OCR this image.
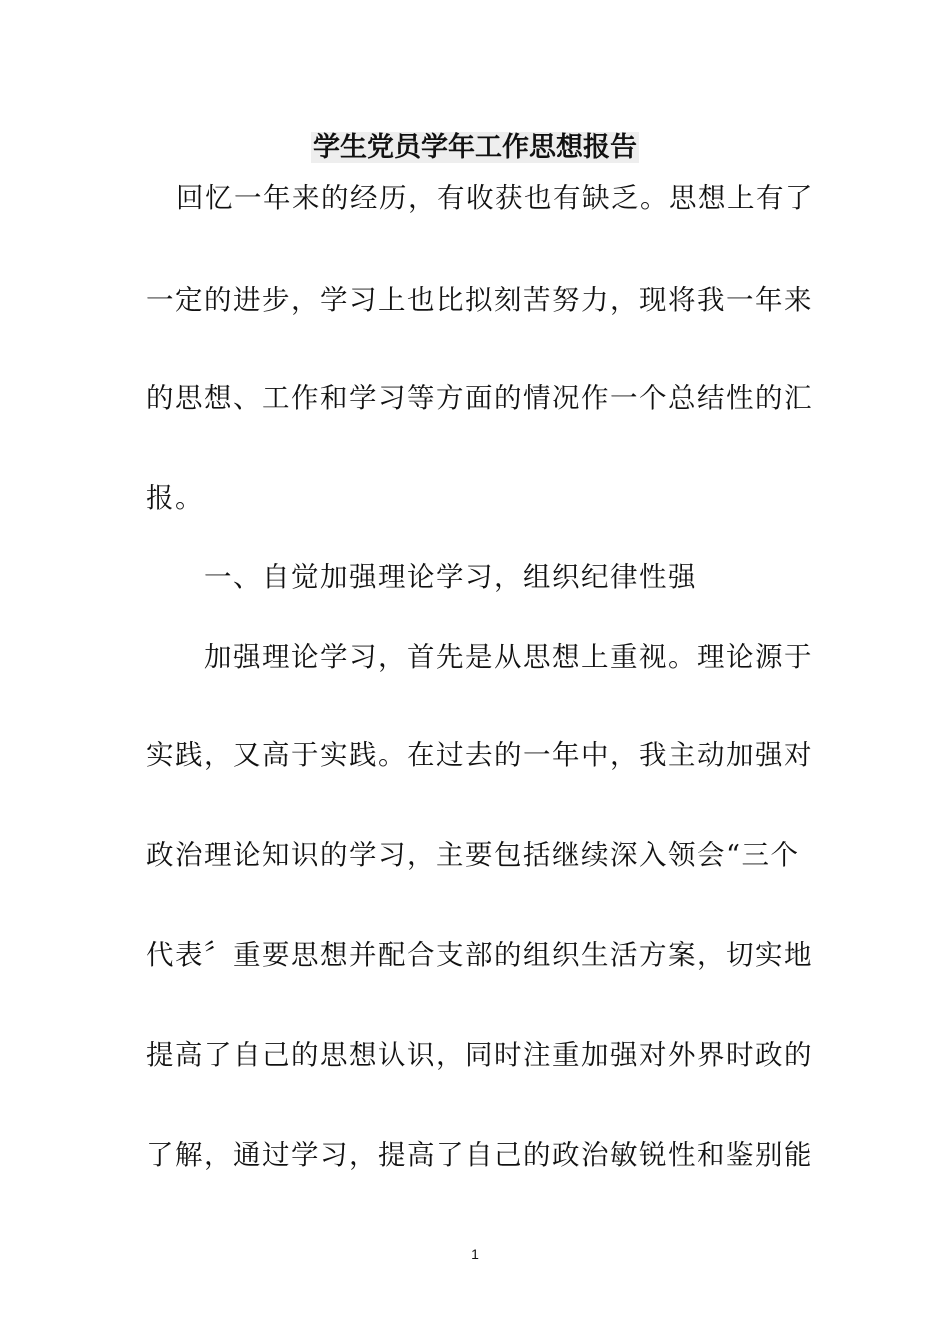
学生党员学年工作思想报告
回忆一年来的经历，有收获也有缺乏。思想上有了
一定的进步，学习上也比拟刻苦努力，现将我一年来
的思想、工作和学习等方面的情况作一个总结性的汇
报。
一、自觉加强理论学习，组织纪律性强
加强理论学习，首先是从思想上重视。理论源于
实践，又高于实践。在过去的一年中，我主动加强对
政治理论知识的学习，主要包括继续深入领会“三个
代表〞重要思想并配合支部的组织生活方案，切实地
提高了自己的思想认识，同时注重加强对外界时政的
了解，通过学习，提高了自己的政治敏锐性和鉴别能
1
